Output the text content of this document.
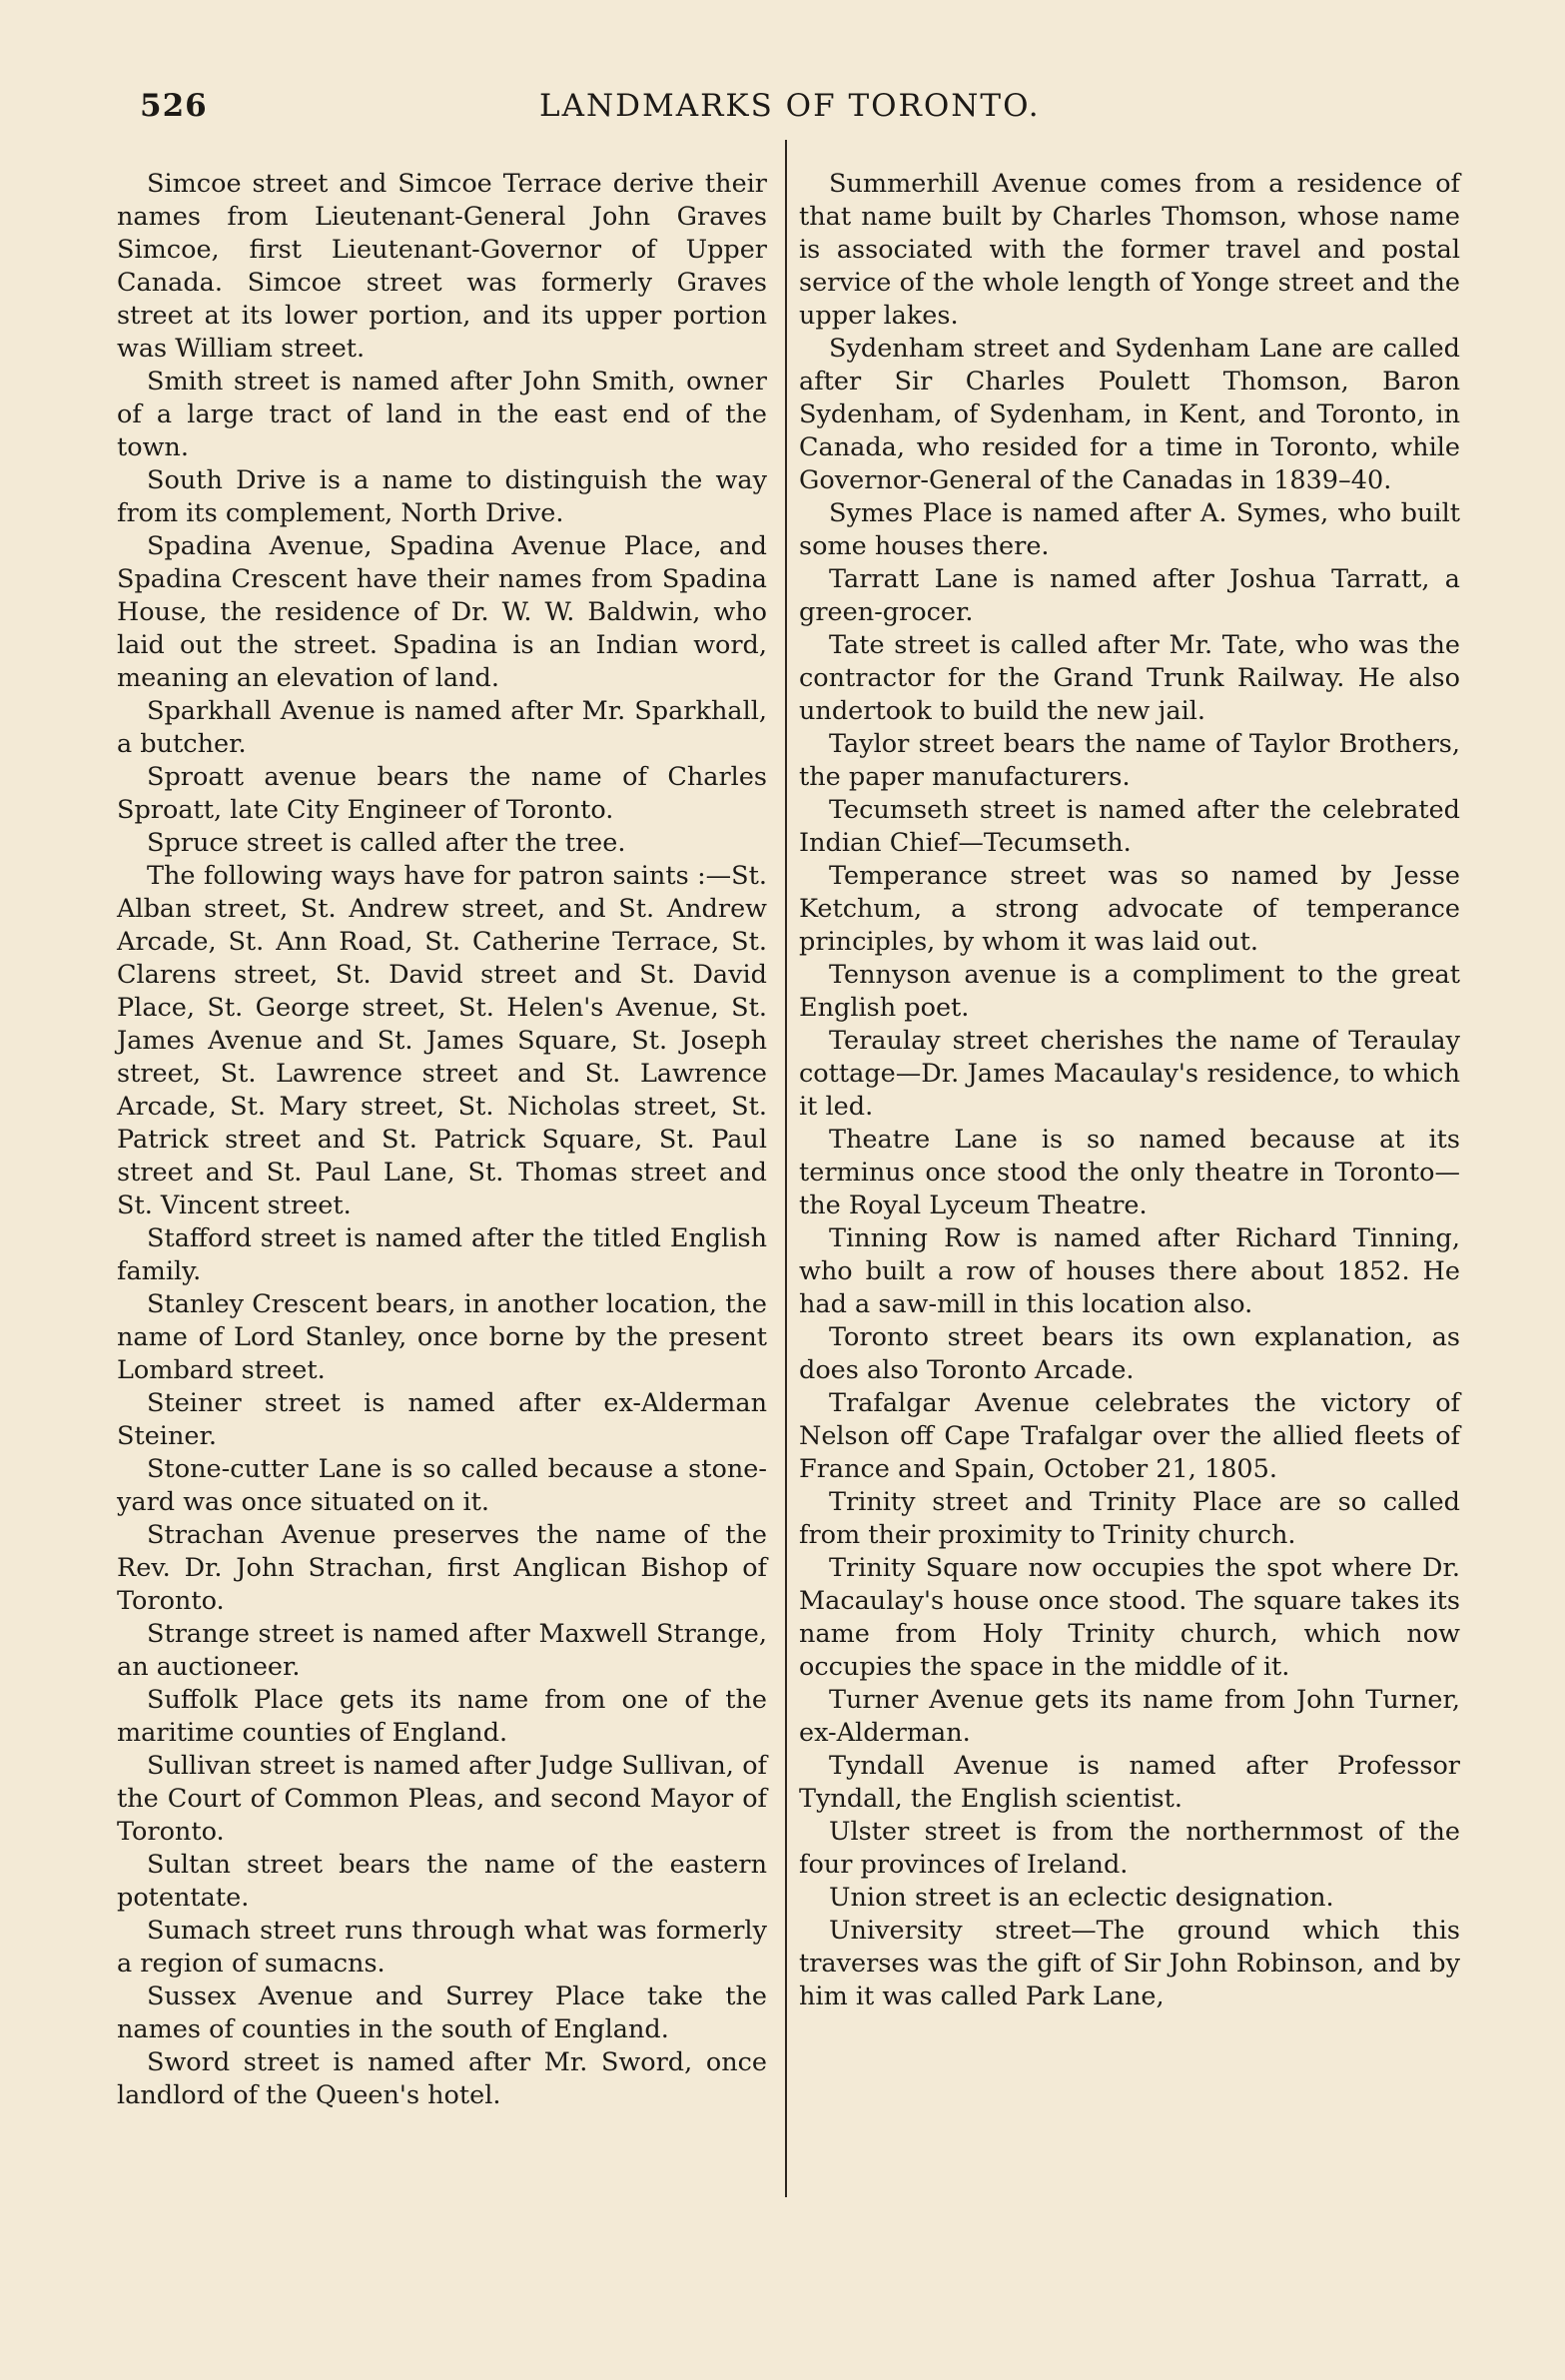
526	LANDMARKS OF TORONTO.

Simcoe street and Simcoe Terrace derive their names from Lieutenant-General John Graves Simcoe, first Lieutenant-Governor of Upper Canada. Simcoe street was formerly Graves street at its lower portion, and its upper portion was William street.

Smith street is named after John Smith, owner of a large tract of land in the east end of the town.

South Drive is a name to distinguish the way from its complement, North Drive.

Spadina Avenue, Spadina Avenue Place, and Spadina Crescent have their names from Spadina House, the residence of Dr. W. W. Baldwin, who laid out the street. Spadina is an Indian word, meaning an elevation of land.

Sparkhall Avenue is named after Mr. Sparkhall, a butcher.

Sproatt avenue bears the name of Charles Sproatt, late City Engineer of Toronto.

Spruce street is called after the tree.

The following ways have for patron saints :—St. Alban street, St. Andrew street, and St. Andrew Arcade, St. Ann Road, St. Catherine Terrace, St. Clarens street, St. David street and St. David Place, St. George street, St. Helen's Avenue, St. James Avenue and St. James Square, St. Joseph street, St. Lawrence street and St. Lawrence Arcade, St. Mary street, St. Nicholas street, St. Patrick street and St. Patrick Square, St. Paul street and St. Paul Lane, St. Thomas street and St. Vincent street.

Stafford street is named after the titled English family.

Stanley Crescent bears, in another location, the name of Lord Stanley, once borne by the present Lombard street.

Steiner street is named after ex-Alderman Steiner.

Stone-cutter Lane is so called because a stone-yard was once situated on it.

Strachan Avenue preserves the name of the Rev. Dr. John Strachan, first Anglican Bishop of Toronto.

Strange street is named after Maxwell Strange, an auctioneer.

Suffolk Place gets its name from one of the maritime counties of England.

Sullivan street is named after Judge Sullivan, of the Court of Common Pleas, and second Mayor of Toronto.

Sultan street bears the name of the eastern potentate.

Sumach street runs through what was formerly a region of sumacns.

Sussex Avenue and Surrey Place take the names of counties in the south of England.

Sword street is named after Mr. Sword, once landlord of the Queen's hotel.

Summerhill Avenue comes from a residence of that name built by Charles Thomson, whose name is associated with the former travel and postal service of the whole length of Yonge street and the upper lakes.

Sydenham street and Sydenham Lane are called after Sir Charles Poulett Thomson, Baron Sydenham, of Sydenham, in Kent, and Toronto, in Canada, who resided for a time in Toronto, while Governor-General of the Canadas in 1839–40.

Symes Place is named after A. Symes, who built some houses there.

Tarratt Lane is named after Joshua Tarratt, a green-grocer.

Tate street is called after Mr. Tate, who was the contractor for the Grand Trunk Railway. He also undertook to build the new jail.

Taylor street bears the name of Taylor Brothers, the paper manufacturers.

Tecumseth street is named after the celebrated Indian Chief—Tecumseth.

Temperance street was so named by Jesse Ketchum, a strong advocate of temperance principles, by whom it was laid out.

Tennyson avenue is a compliment to the great English poet.

Teraulay street cherishes the name of Teraulay cottage—Dr. James Macaulay's residence, to which it led.

Theatre Lane is so named because at its terminus once stood the only theatre in Toronto—the Royal Lyceum Theatre.

Tinning Row is named after Richard Tinning, who built a row of houses there about 1852. He had a saw-mill in this location also.

Toronto street bears its own explanation, as does also Toronto Arcade.

Trafalgar Avenue celebrates the victory of Nelson off Cape Trafalgar over the allied fleets of France and Spain, October 21, 1805.

Trinity street and Trinity Place are so called from their proximity to Trinity church.

Trinity Square now occupies the spot where Dr. Macaulay's house once stood. The square takes its name from Holy Trinity church, which now occupies the space in the middle of it.

Turner Avenue gets its name from John Turner, ex-Alderman.

Tyndall Avenue is named after Professor Tyndall, the English scientist.

Ulster street is from the northernmost of the four provinces of Ireland.

Union street is an eclectic designation.

University street—The ground which this traverses was the gift of Sir John Robinson, and by him it was called Park Lane,
